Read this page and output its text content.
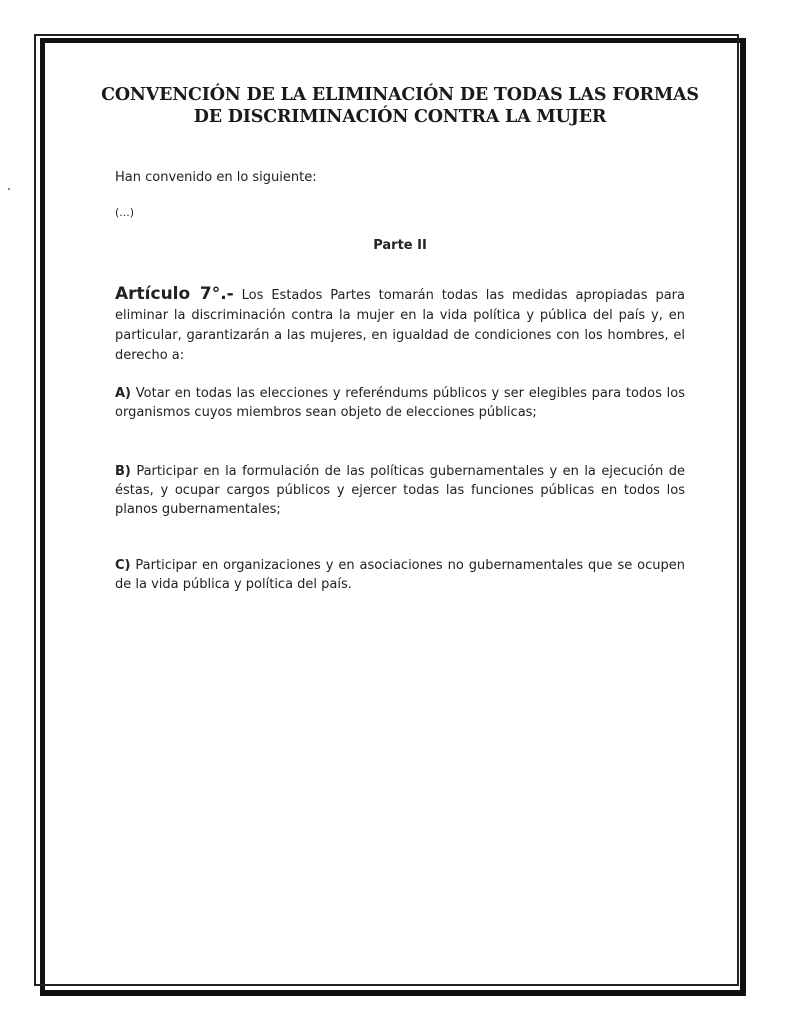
CONVENCIÓN DE LA ELIMINACIÓN DE TODAS LAS FORMAS
DE DISCRIMINACIÓN CONTRA LA MUJER
Han convenido en lo siguiente:
(...)
Parte II
Artículo 7°.- Los Estados Partes tomarán todas las medidas apropiadas para eliminar la discriminación contra la mujer en la vida política y pública del país y, en particular, garantizarán a las mujeres, en igualdad de condiciones con los hombres, el derecho a:
A) Votar en todas las elecciones y referéndums públicos y ser elegibles para todos los organismos cuyos miembros sean objeto de elecciones públicas;
B) Participar en la formulación de las políticas gubernamentales y en la ejecución de éstas, y ocupar cargos públicos y ejercer todas las funciones públicas en todos los planos gubernamentales;
C) Participar en organizaciones y en asociaciones no gubernamentales que se ocupen de la vida pública y política del país.
